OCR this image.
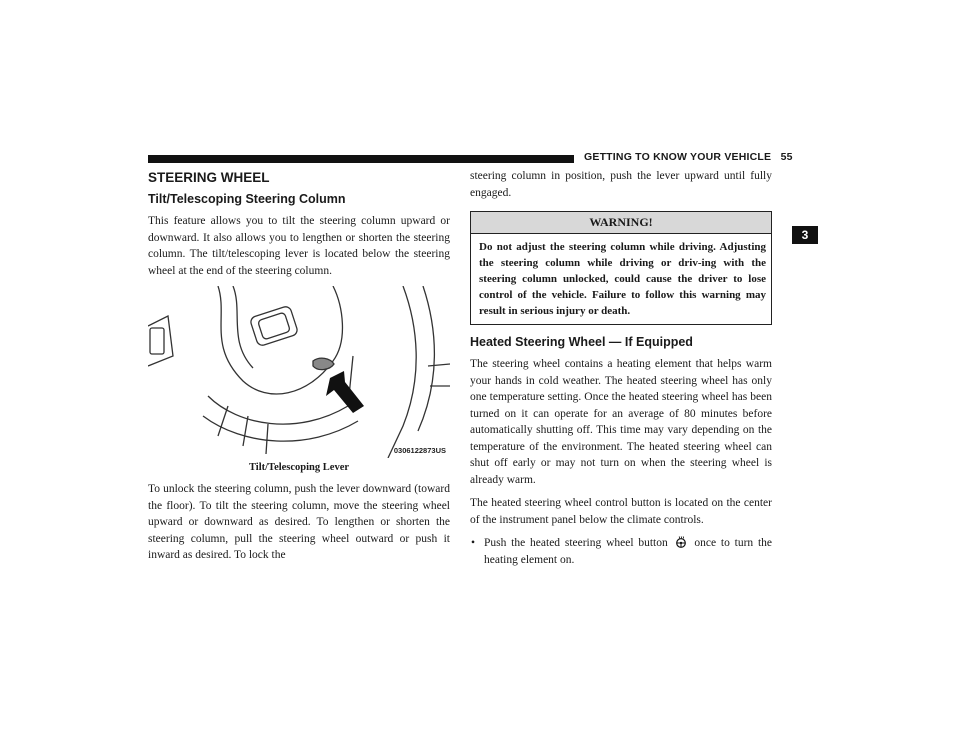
GETTING TO KNOW YOUR VEHICLE 55
3
STEERING WHEEL
Tilt/Telescoping Steering Column

This feature allows you to tilt the steering column upward or downward. It also allows you to lengthen or shorten the steering column. The tilt/telescoping lever is located below the steering wheel at the end of the steering column.

0306122873US
Tilt/Telescoping Lever

To unlock the steering column, push the lever downward (toward the floor). To tilt the steering column, move the steering wheel upward or downward as desired. To lengthen or shorten the steering column, pull the steering wheel outward or push it inward as desired. To lock the

steering column in position, push the lever upward until fully engaged.

WARNING!
Do not adjust the steering column while driving. Adjusting the steering column while driving or driv-ing with the steering column unlocked, could cause the driver to lose control of the vehicle. Failure to follow this warning may result in serious injury or death.
Heated Steering Wheel — If Equipped

The steering wheel contains a heating element that helps warm your hands in cold weather. The heated steering wheel has only one temperature setting. Once the heated steering wheel has been turned on it can operate for an average of 80 minutes before automatically shutting off. This time may vary depending on the temperature of the environment. The heated steering wheel can shut off early or may not turn on when the steering wheel is already warm.

The heated steering wheel control button is located on the center of the instrument panel below the climate controls.

• Push the heated steering wheel button once to turn the heating element on.
